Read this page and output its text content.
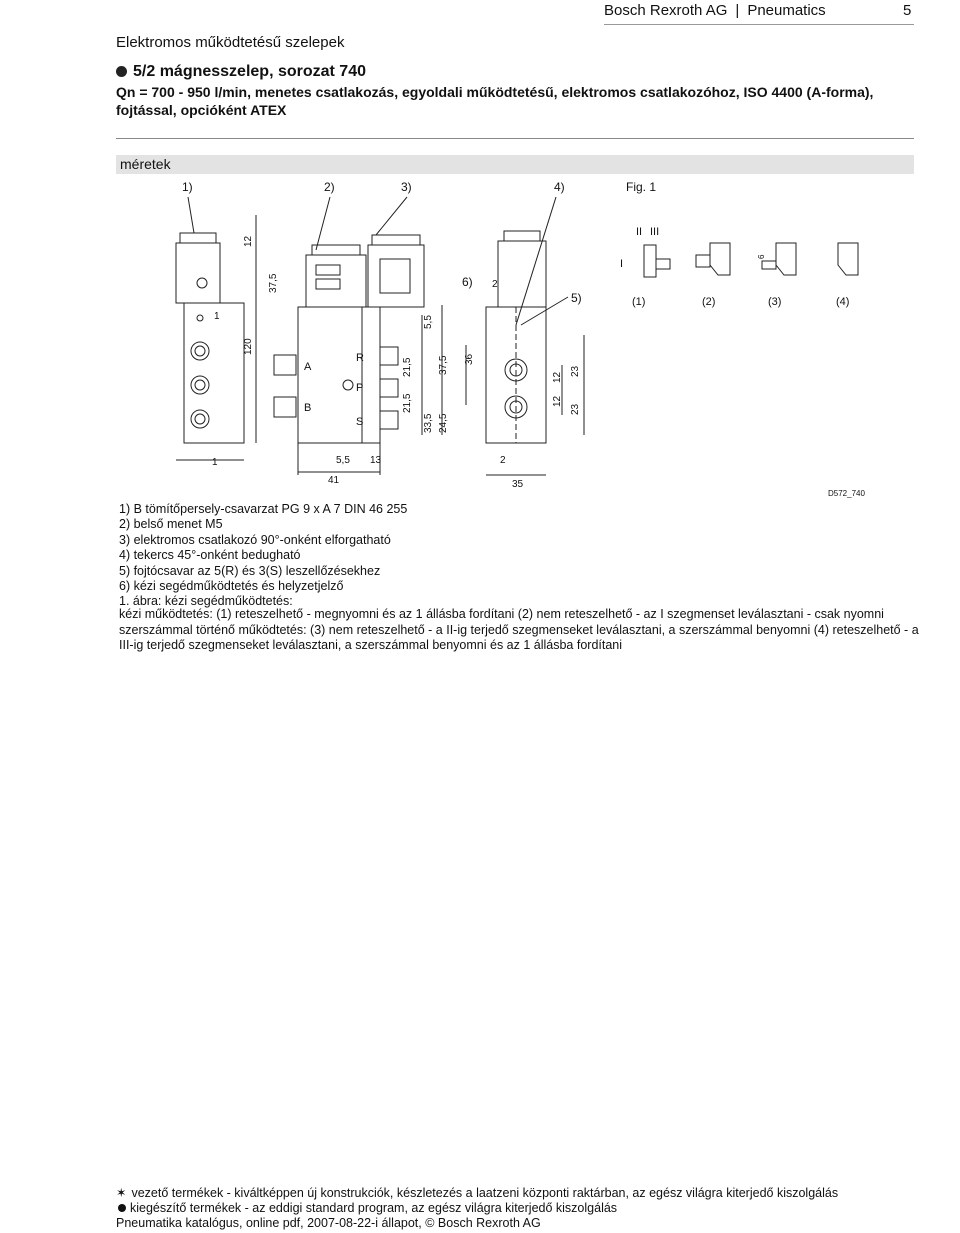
Bosch Rexroth AG | Pneumatics	5
Elektromos működtetésű szelepek
5/2 mágnesszelep, sorozat 740
Qn = 700 - 950 l/min, menetes csatlakozás, egyoldali működtetésű, elektromos csatlakozóhoz, ISO 4400 (A-forma), fojtással, opcióként ATEX
méretek
1)	2)	3)	4)	Fig. 1
5)
6)
1
12
37,5
120
1
A
B
R
P
S
41
5,5 13
5,5
21,5
21,5
37,5
33,5 24,5
36
2
35
2
12
12
23
23
II III
I
6
(1)	(2)	(3)	(4)
D572_740
1) B tömítőpersely-csavarzat PG 9 x A 7 DIN 46 255
2) belső menet M5
3) elektromos csatlakozó 90°-onként elforgatható
4) tekercs 45°-onként bedugható
5) fojtócsavar az 5(R) és 3(S) leszellőzésekhez
6) kézi segédműködtetés és helyzetjelző
1. ábra: kézi segédműködtetés:
kézi működtetés: (1) reteszelhető - megnyomni és az 1 állásba fordítani (2) nem reteszelhető - az I szegmenset leválasztani - csak nyomni szerszámmal történő működtetés: (3) nem reteszelhető - a II-ig terjedő szegmenseket leválasztani, a szerszámmal benyomni (4) reteszelhető - a III-ig terjedő szegmenseket leválasztani, a szerszámmal benyomni és az 1 állásba fordítani
✶ vezető termékek - kiváltképpen új konstrukciók, készletezés a laatzeni központi raktárban, az egész világra kiterjedő kiszolgálás
kiegészítő termékek - az eddigi standard program, az egész világra kiterjedő kiszolgálás
Pneumatika katalógus, online pdf, 2007-08-22-i állapot, © Bosch Rexroth AG
